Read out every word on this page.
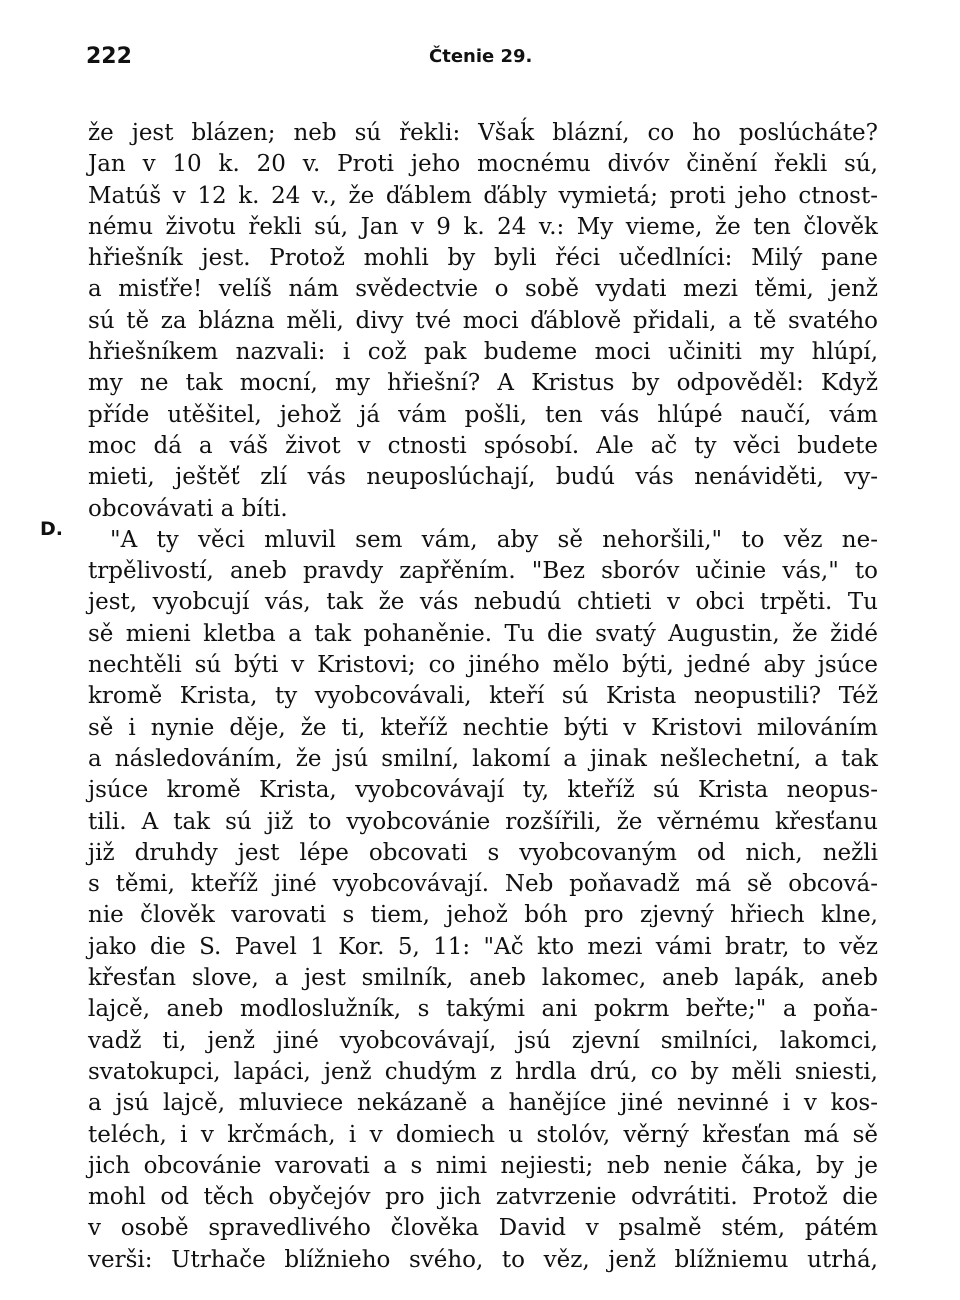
222	Čtenie 29.
D.
že jest blázen; neb sú řekli: Všaḱ blázní, co ho poslúcháte?
Jan v 10 k. 20 v. Proti jeho mocnému divóv činění řekli sú,
Matúš v 12 k. 24 v., že ďáblem ďábly vymietá; proti jeho ctnost-
nému životu řekli sú, Jan v 9 k. 24 v.: My vieme, že ten člověk
hřiešník jest. Protož mohli by byli řéci učedlníci: Milý pane
a misťře! velíš nám svědectvie o sobě vydati mezi těmi, jenž
sú tě za blázna měli, divy tvé moci ďáblově přidali, a tě svatého
hřiešníkem nazvali: i což pak budeme moci učiniti my hlúpí,
my ne tak mocní, my hřiešní? A Kristus by odpověděl: Když
příde utěšitel, jehož já vám pošli, ten vás hlúpé naučí, vám
moc dá a váš život v ctnosti spósobí. Ale ač ty věci budete
mieti, ještěť zlí vás neuposlúchají, budú vás nenáviděti, vy-
obcovávati a bíti.
"A ty věci mluvil sem vám, aby sě nehoršili," to věz ne-
trpělivostí, aneb pravdy zapřěním. "Bez sboróv učinie vás," to
jest, vyobcují vás, tak že vás nebudú chtieti v obci trpěti. Tu
sě mieni kletba a tak pohaněnie. Tu die svatý Augustin, že židé
nechtěli sú býti v Kristovi; co jiného mělo býti, jedné aby jsúce
kromě Krista, ty vyobcovávali, kteří sú Krista neopustili? Též
sě i nynie děje, že ti, kteříž nechtie býti v Kristovi milováním
a následováním, že jsú smilní, lakomí a jinak nešlechetní, a tak
jsúce kromě Krista, vyobcovávají ty, kteříž sú Krista neopus-
tili. A tak sú již to vyobcovánie rozšířili, že věrnému křesťanu
již druhdy jest lépe obcovati s vyobcovaným od nich, nežli
s těmi, kteříž jiné vyobcovávají. Neb poňavadž má sě obcová-
nie člověk varovati s tiem, jehož bóh pro zjevný hřiech klne,
jako die S. Pavel 1 Kor. 5, 11: "Ač kto mezi vámi bratr, to věz
křesťan slove, a jest smilník, aneb lakomec, aneb lapák, aneb
lajcě, aneb modloslužník, s takými ani pokrm beřte;" a poňa-
vadž ti, jenž jiné vyobcovávají, jsú zjevní smilníci, lakomci,
svatokupci, lapáci, jenž chudým z hrdla drú, co by měli sniesti,
a jsú lajcě, mluviece nekázaně a hanějíce jiné nevinné i v kos-
teléch, i v krčmách, i v domiech u stolóv, věrný křesťan má sě
jich obcovánie varovati a s nimi nejiesti; neb nenie čáka, by je
mohl od těch obyčejóv pro jich zatvrzenie odvrátiti. Protož die
v osobě spravedlivého člověka David v psalmě stém, pátém
verši: Utrhače blížnieho svého, to věz, jenž blížniemu utrhá,
